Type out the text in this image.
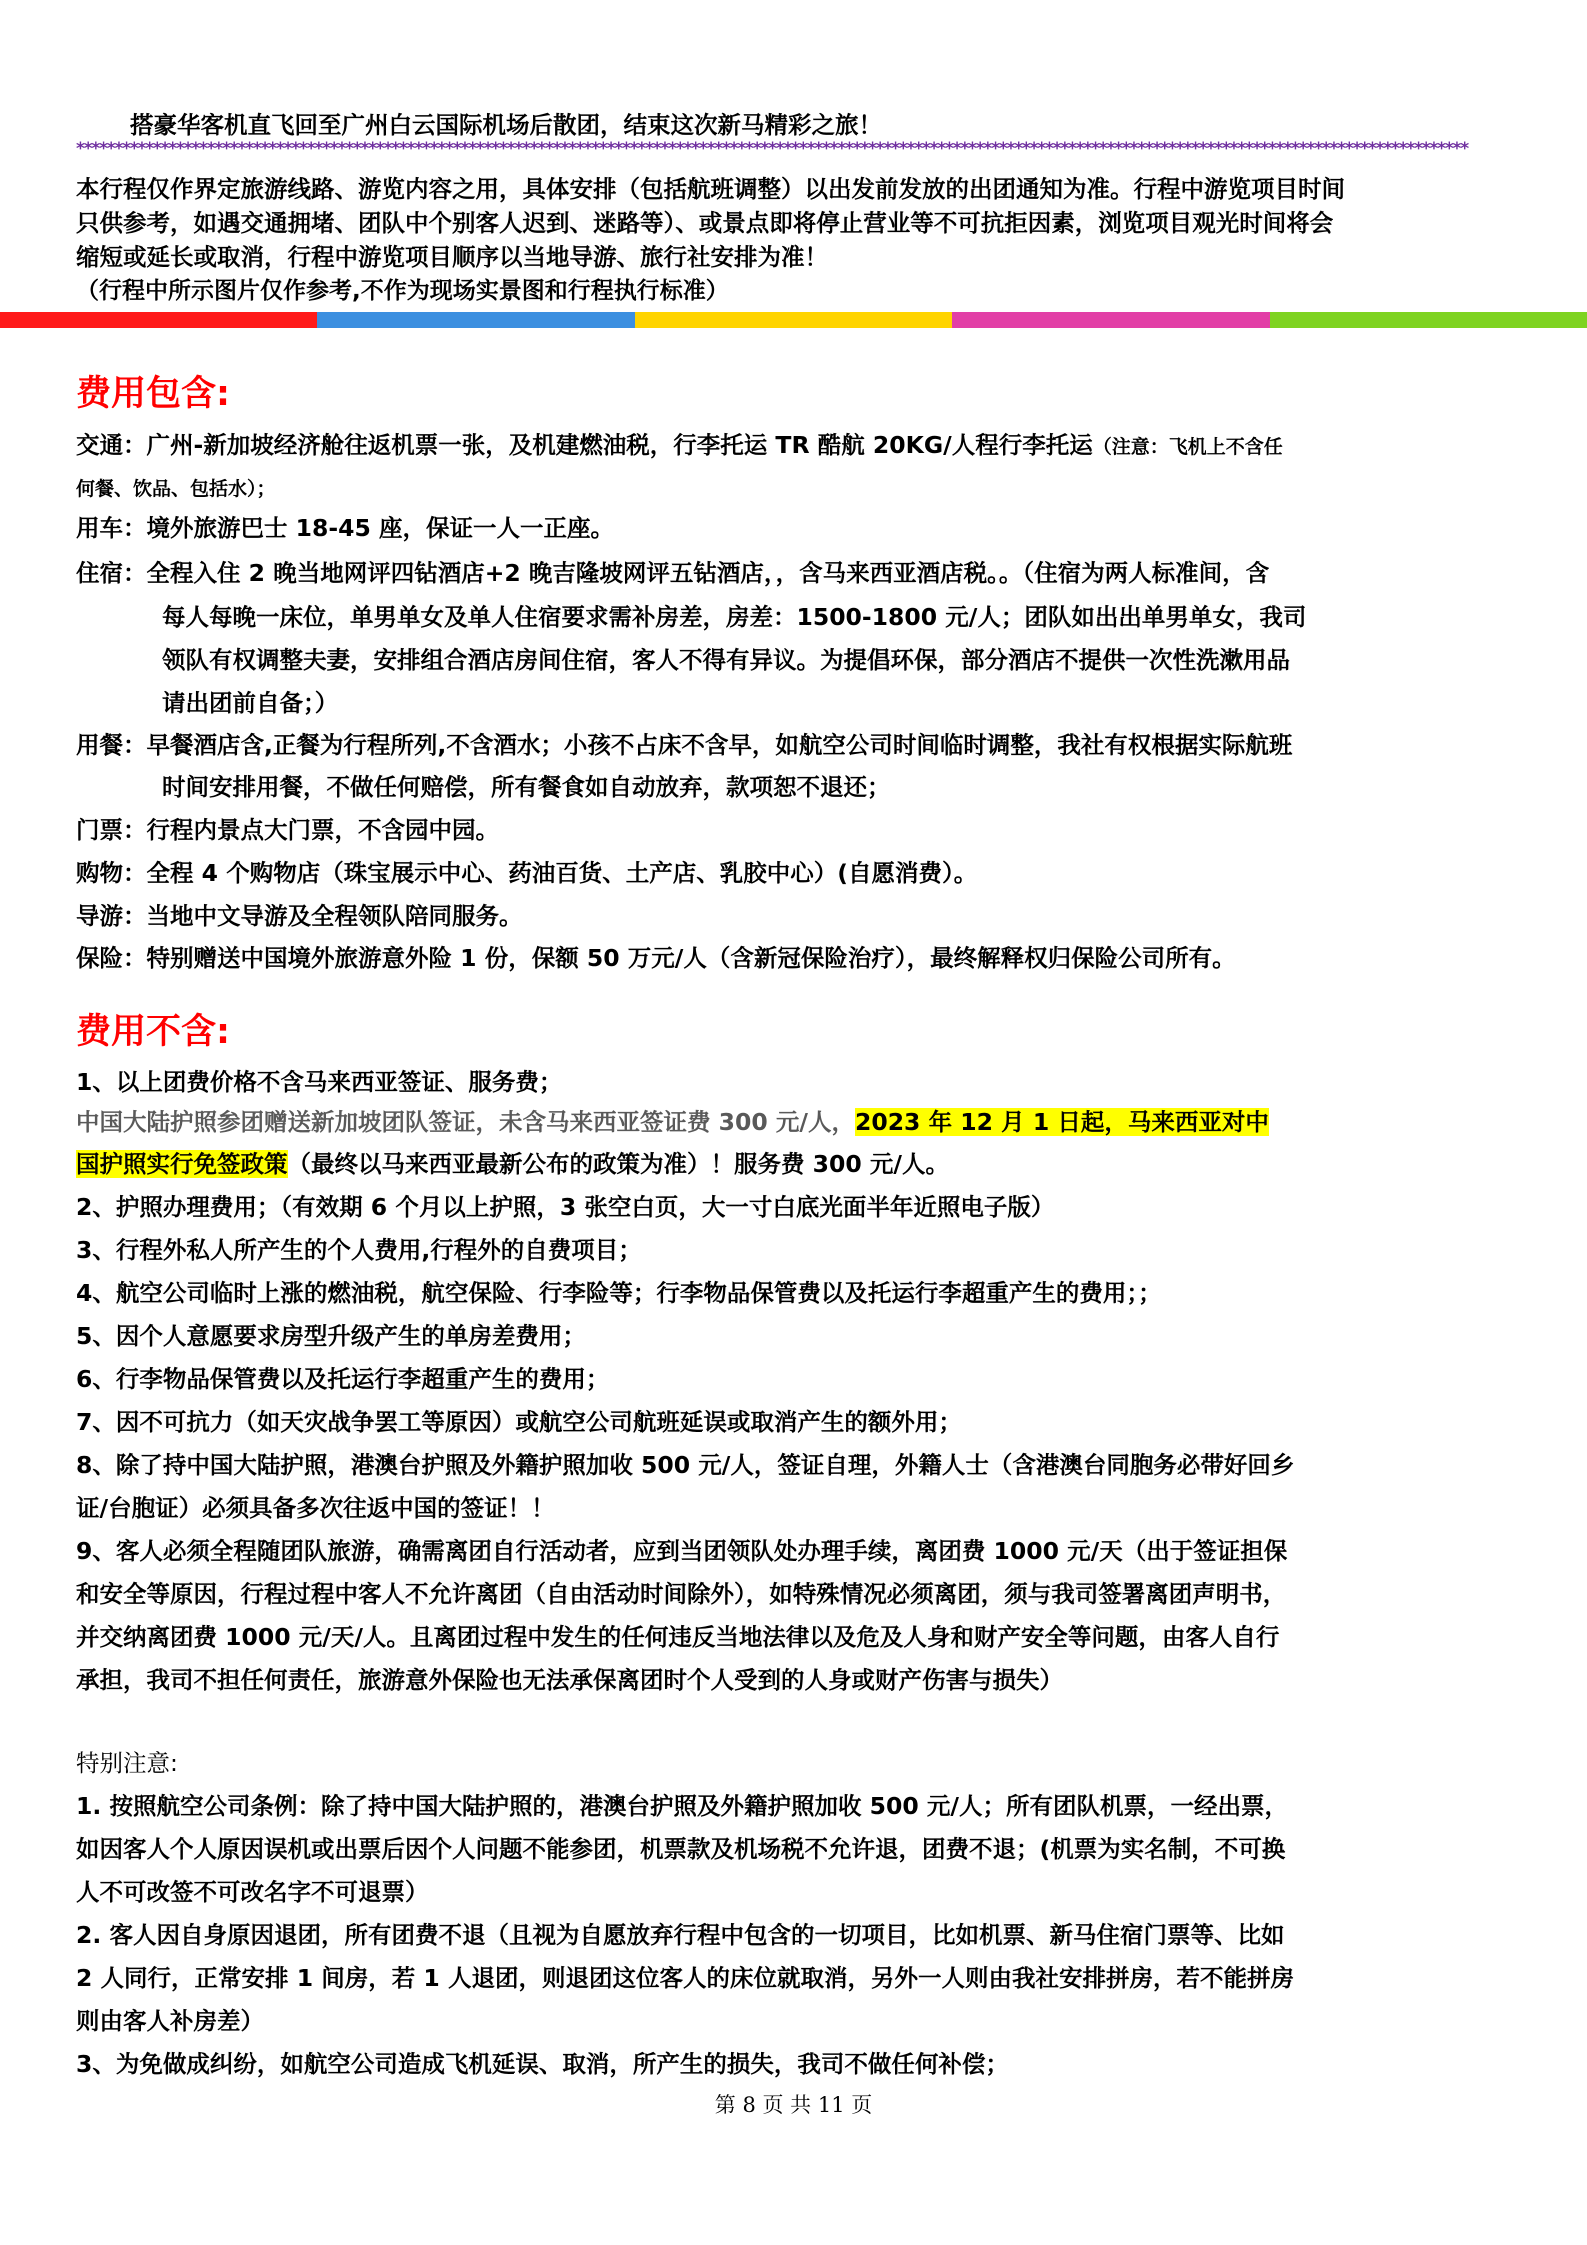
搭豪华客机直飞回至广州白云国际机场后散团，结束这次新马精彩之旅！
*************************************************************************************************************************************************************************************
本行程仅作界定旅游线路、游览内容之用，具体安排（包括航班调整）以出发前发放的出团通知为准。行程中游览项目时间
只供参考，如遇交通拥堵、团队中个别客人迟到、迷路等）、或景点即将停止营业等不可抗拒因素，浏览项目观光时间将会
缩短或延长或取消，行程中游览项目顺序以当地导游、旅行社安排为准！
（行程中所示图片仅作参考,不作为现场实景图和行程执行标准）
费用包含:
交通：广州-新加坡经济舱往返机票一张，及机建燃油税，行李托运 TR 酷航 20KG/人程行李托运（注意：飞机上不含任
何餐、饮品、包括水）；
用车：境外旅游巴士 18-45 座，保证一人一正座。
住宿：全程入住 2 晚当地网评四钻酒店+2 晚吉隆坡网评五钻酒店，，含马来西亚酒店税。。（住宿为两人标准间，含
每人每晚一床位，单男单女及单人住宿要求需补房差，房差：1500-1800 元/人；团队如出出单男单女，我司
领队有权调整夫妻，安排组合酒店房间住宿，客人不得有异议。为提倡环保，部分酒店不提供一次性洗漱用品
请出团前自备；）
用餐：早餐酒店含,正餐为行程所列,不含酒水；小孩不占床不含早，如航空公司时间临时调整，我社有权根据实际航班
时间安排用餐，不做任何赔偿，所有餐食如自动放弃，款项恕不退还；
门票：行程内景点大门票，不含园中园。
购物：全程 4 个购物店（珠宝展示中心、药油百货、土产店、乳胶中心）(自愿消费）。
导游：当地中文导游及全程领队陪同服务。
保险：特别赠送中国境外旅游意外险 1 份，保额 50 万元/人（含新冠保险治疗），最终解释权归保险公司所有。
费用不含:
1、以上团费价格不含马来西亚签证、服务费；
中国大陆护照参团赠送新加坡团队签证，未含马来西亚签证费 300 元/人，2023 年 12 月 1 日起，马来西亚对中
国护照实行免签政策（最终以马来西亚最新公布的政策为准）！服务费 300 元/人。
2、护照办理费用；（有效期 6 个月以上护照，3 张空白页，大一寸白底光面半年近照电子版）
3、行程外私人所产生的个人费用,行程外的自费项目；
4、航空公司临时上涨的燃油税，航空保险、行李险等；行李物品保管费以及托运行李超重产生的费用；；
5、因个人意愿要求房型升级产生的单房差费用；
6、行李物品保管费以及托运行李超重产生的费用；
7、因不可抗力（如天灾战争罢工等原因）或航空公司航班延误或取消产生的额外用；
8、除了持中国大陆护照，港澳台护照及外籍护照加收 500 元/人，签证自理，外籍人士（含港澳台同胞务必带好回乡
证/台胞证）必须具备多次往返中国的签证！！
9、客人必须全程随团队旅游，确需离团自行活动者，应到当团领队处办理手续，离团费 1000 元/天（出于签证担保
和安全等原因，行程过程中客人不允许离团（自由活动时间除外），如特殊情况必须离团，须与我司签署离团声明书，
并交纳离团费 1000 元/天/人。且离团过程中发生的任何违反当地法律以及危及人身和财产安全等问题，由客人自行
承担，我司不担任何责任，旅游意外保险也无法承保离团时个人受到的人身或财产伤害与损失）
特别注意:
1. 按照航空公司条例：除了持中国大陆护照的，港澳台护照及外籍护照加收 500 元/人；所有团队机票，一经出票，
如因客人个人原因误机或出票后因个人问题不能参团，机票款及机场税不允许退，团费不退；(机票为实名制，不可换
人不可改签不可改名字不可退票）
2. 客人因自身原因退团，所有团费不退（且视为自愿放弃行程中包含的一切项目，比如机票、新马住宿门票等、比如
2 人同行，正常安排 1 间房，若 1 人退团，则退团这位客人的床位就取消，另外一人则由我社安排拼房，若不能拼房
则由客人补房差）
3、为免做成纠纷，如航空公司造成飞机延误、取消，所产生的损失，我司不做任何补偿；
第 8 页 共 11 页
